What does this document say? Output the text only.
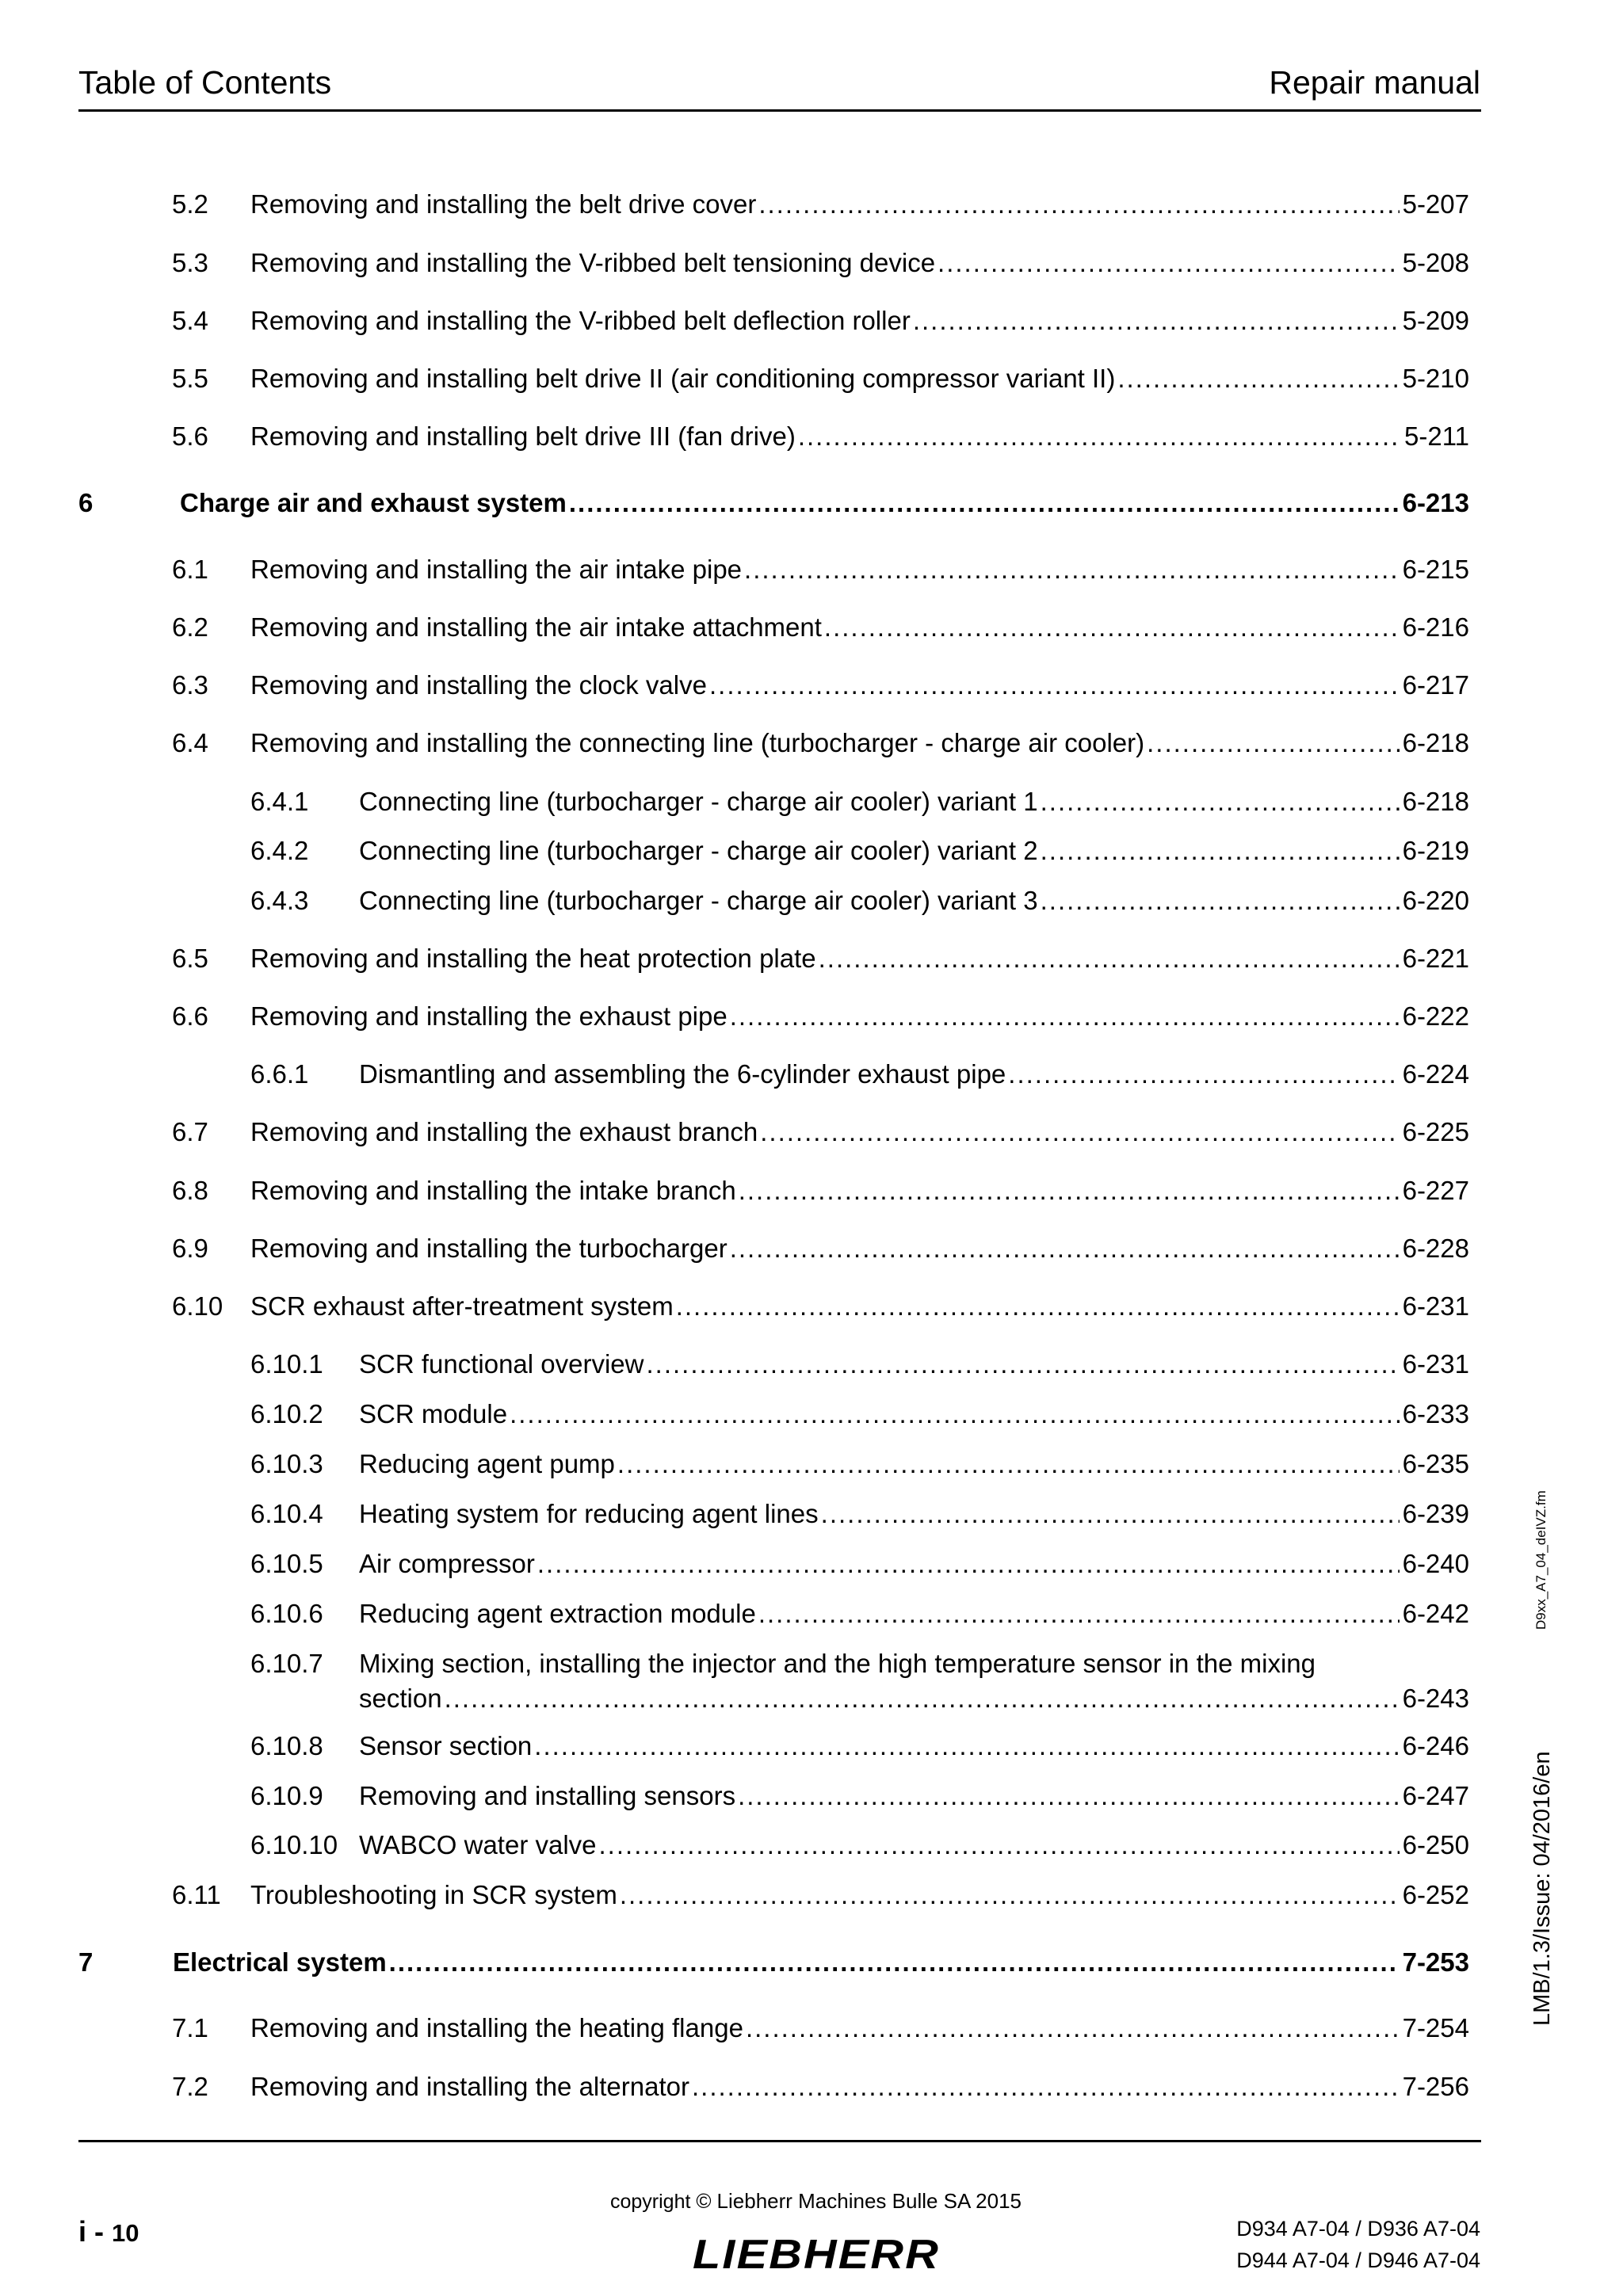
Table of Contents	Repair manual
5.2 Removing and installing the belt drive cover .....	5-207
5.3 Removing and installing the V-ribbed belt tensioning device .....	5-208
5.4 Removing and installing the V-ribbed belt deflection roller .....	5-209
5.5 Removing and installing belt drive II (air conditioning compressor variant II) .....	5-210
5.6 Removing and installing belt drive III (fan drive) .....	5-211
6	Charge air and exhaust system .....	6-213
6.1 Removing and installing the air intake pipe .....	6-215
6.2 Removing and installing the air intake attachment .....	6-216
6.3 Removing and installing the clock valve .....	6-217
6.4 Removing and installing the connecting line (turbocharger - charge air cooler) .....	6-218
6.4.1 Connecting line (turbocharger - charge air cooler) variant 1 .....	6-218
6.4.2 Connecting line (turbocharger - charge air cooler) variant 2 .....	6-219
6.4.3 Connecting line (turbocharger - charge air cooler) variant 3 .....	6-220
6.5 Removing and installing the heat protection plate .....	6-221
6.6 Removing and installing the exhaust pipe .....	6-222
6.6.1 Dismantling and assembling the 6-cylinder exhaust pipe .....	6-224
6.7 Removing and installing the exhaust branch .....	6-225
6.8 Removing and installing the intake branch .....	6-227
6.9 Removing and installing the turbocharger .....	6-228
6.10 SCR exhaust after-treatment system .....	6-231
6.10.1 SCR functional overview .....	6-231
6.10.2 SCR module .....	6-233
6.10.3 Reducing agent pump .....	6-235
6.10.4 Heating system for reducing agent lines .....	6-239
6.10.5 Air compressor .....	6-240
6.10.6 Reducing agent extraction module .....	6-242
6.10.7 Mixing section, installing the injector and the high temperature sensor in the mixing
section .....	6-243
6.10.8 Sensor section .....	6-246
6.10.9 Removing and installing sensors .....	6-247
6.10.10 WABCO water valve .....	6-250
6.11 Troubleshooting in SCR system .....	6-252
7	Electrical system .....	7-253
7.1 Removing and installing the heating flange .....	7-254
7.2 Removing and installing the alternator .....	7-256
copyright © Liebherr Machines Bulle SA 2015
i - 10	D934 A7-04 / D936 A7-04
D944 A7-04 / D946 A7-04
LIEBHERR
LMB/1.3/Issue: 04/2016/en
D9xx_A7_04_deIVZ.fm
